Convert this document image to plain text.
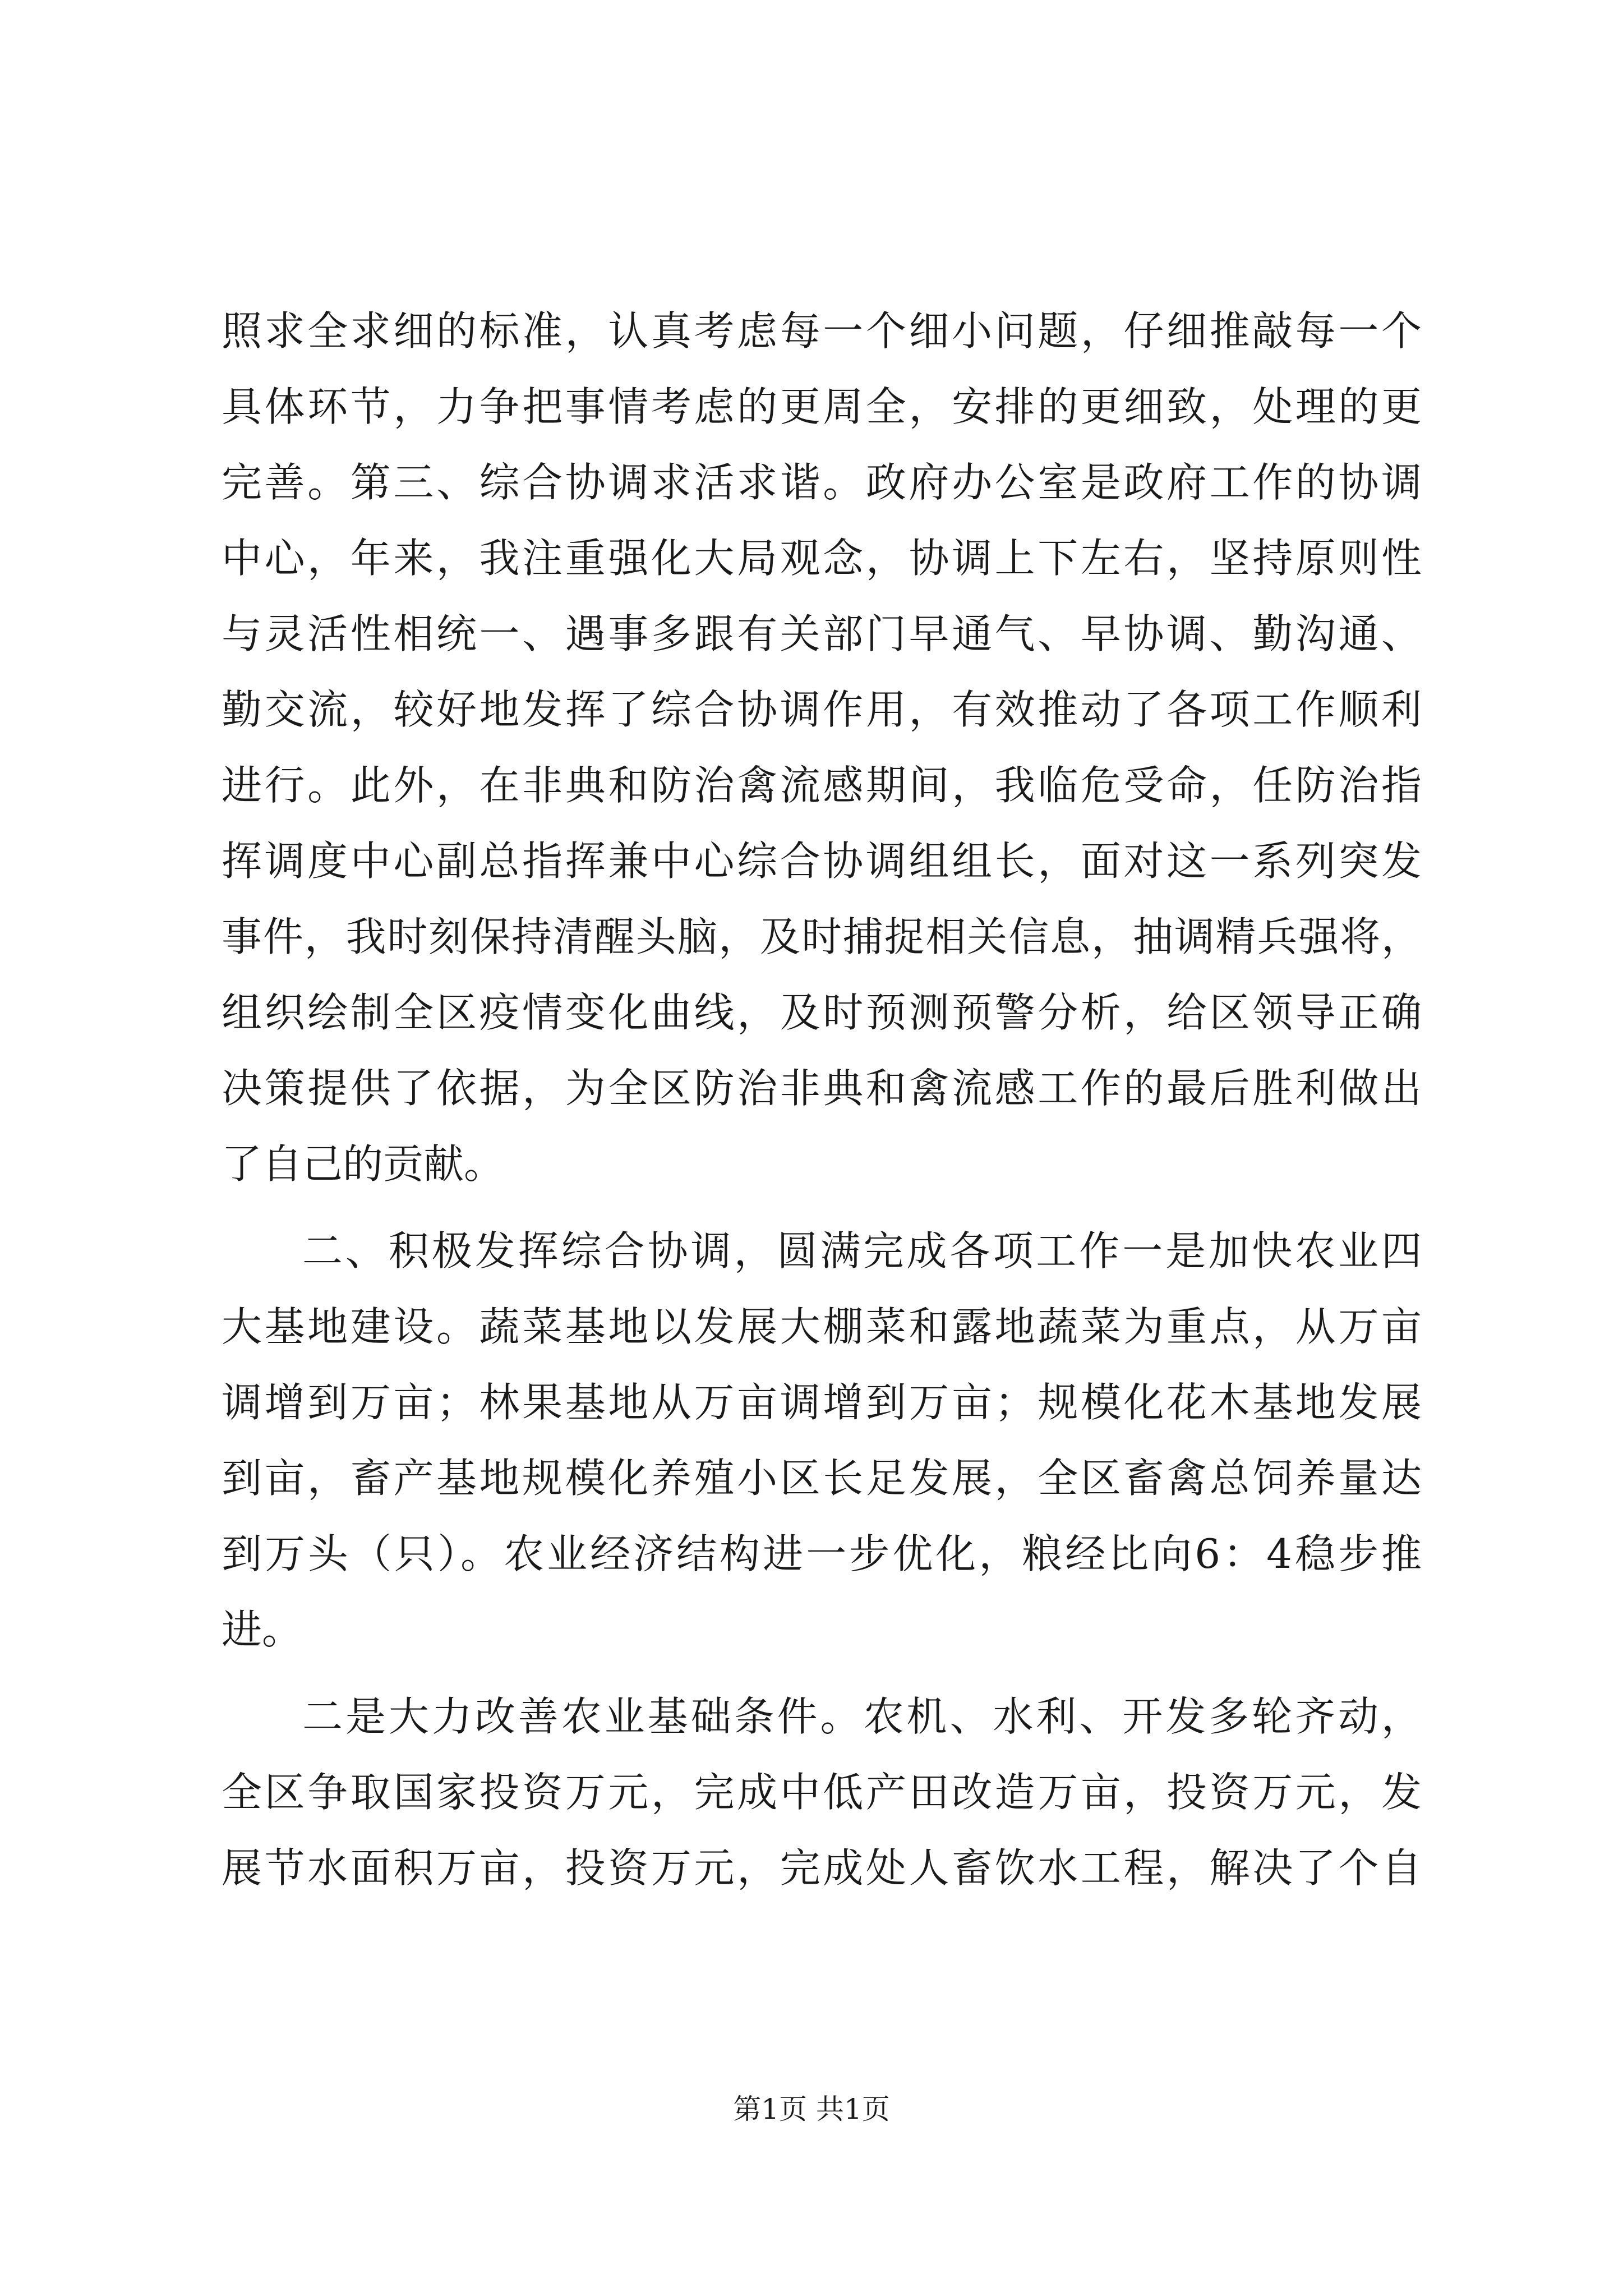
照求全求细的标准，认真考虑每一个细小问题，仔细推敲每一个
具体环节，力争把事情考虑的更周全，安排的更细致，处理的更
完善。第三、综合协调求活求谐。政府办公室是政府工作的协调
中心，年来，我注重强化大局观念，协调上下左右，坚持原则性
与灵活性相统一、遇事多跟有关部门早通气、早协调、勤沟通、
勤交流，较好地发挥了综合协调作用，有效推动了各项工作顺利
进行。此外，在非典和防治禽流感期间，我临危受命，任防治指
挥调度中心副总指挥兼中心综合协调组组长，面对这一系列突发
事件，我时刻保持清醒头脑，及时捕捉相关信息，抽调精兵强将，
组织绘制全区疫情变化曲线，及时预测预警分析，给区领导正确
决策提供了依据，为全区防治非典和禽流感工作的最后胜利做出
了自己的贡献。
二、积极发挥综合协调，圆满完成各项工作一是加快农业四
大基地建设。蔬菜基地以发展大棚菜和露地蔬菜为重点，从万亩
调增到万亩；林果基地从万亩调增到万亩；规模化花木基地发展
到亩，畜产基地规模化养殖小区长足发展，全区畜禽总饲养量达
到万头（只）。农业经济结构进一步优化，粮经比向6：4稳步推
进。
二是大力改善农业基础条件。农机、水利、开发多轮齐动，
全区争取国家投资万元，完成中低产田改造万亩，投资万元，发
展节水面积万亩，投资万元，完成处人畜饮水工程，解决了个自
第1页 共1页
